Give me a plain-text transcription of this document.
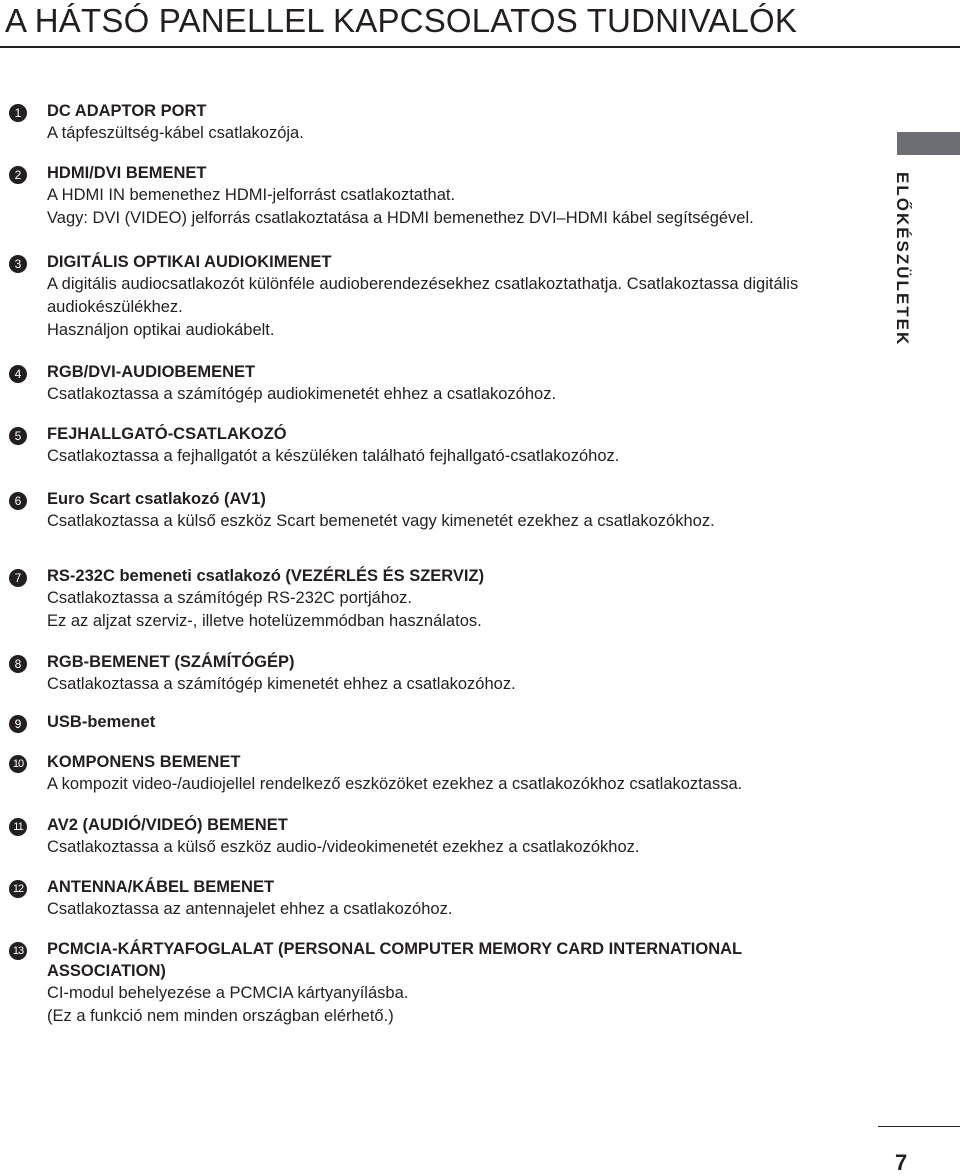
A HÁTSÓ PANELLEL KAPCSOLATOS TUDNIVALÓK
1	DC ADAPTOR PORT

A tápfeszültség-kábel csatlakozója.

2	HDMI/DVI BEMENET

A HDMI IN bemenethez HDMI-jelforrást csatlakoztathat.

Vagy: DVI (VIDEO) jelforrás csatlakoztatása a HDMI bemenethez DVI–HDMI kábel segítségével.

3	DIGITÁLIS OPTIKAI AUDIOKIMENET

A digitális audiocsatlakozót különféle audioberendezésekhez csatlakoztathatja. Csatlakoztassa digitális

audiokészülékhez.

Használjon optikai audiokábelt.

4	RGB/DVI-AUDIOBEMENET

Csatlakoztassa a számítógép audiokimenetét ehhez a csatlakozóhoz.

5	FEJHALLGATÓ-CSATLAKOZÓ

Csatlakoztassa a fejhallgatót a készüléken található fejhallgató-csatlakozóhoz.

6	Euro Scart csatlakozó (AV1)

Csatlakoztassa a külső eszköz Scart bemenetét vagy kimenetét ezekhez a csatlakozókhoz.

7	RS-232C bemeneti csatlakozó (VEZÉRLÉS ÉS SZERVIZ)

Csatlakoztassa a számítógép RS-232C portjához.

Ez az aljzat szerviz-, illetve hotelüzemmódban használatos.

8	RGB-BEMENET (SZÁMÍTÓGÉP)

Csatlakoztassa a számítógép kimenetét ehhez a csatlakozóhoz.

9	USB-bemenet

10 KOMPONENS BEMENET

A kompozit video-/audiojellel rendelkező eszközöket ezekhez a csatlakozókhoz csatlakoztassa.

11 AV2 (AUDIÓ/VIDEÓ) BEMENET

Csatlakoztassa a külső eszköz audio-/videokimenetét ezekhez a csatlakozókhoz.

12 ANTENNA/KÁBEL BEMENET

Csatlakoztassa az antennajelet ehhez a csatlakozóhoz.

13 PCMCIA-KÁRTYAFOGLALAT (PERSONAL COMPUTER MEMORY CARD INTERNATIONAL ASSOCIATION)

CI-modul behelyezése a PCMCIA kártyanyílásba.

(Ez a funkció nem minden országban elérhető.)

ELŐKÉSZÜLETEK
7
